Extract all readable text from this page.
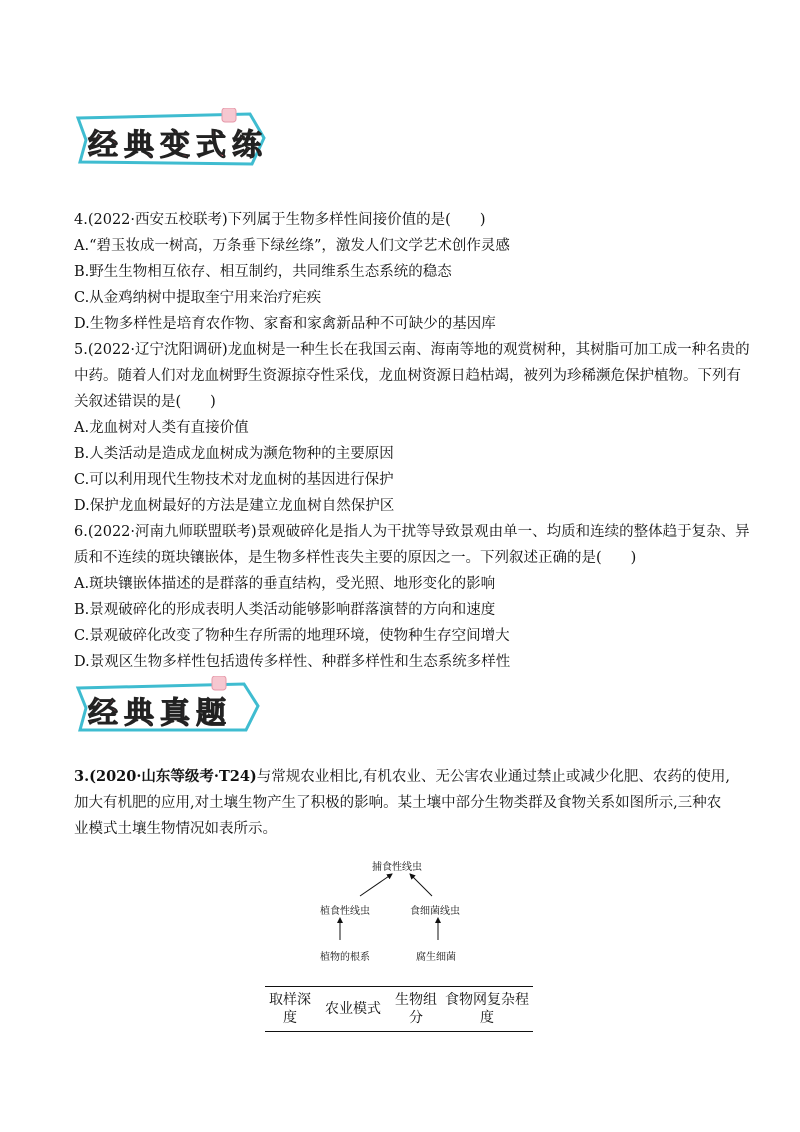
经典变式练
4.(2022·西安五校联考)下列属于生物多样性间接价值的是(　　)
A.“碧玉妆成一树高，万条垂下绿丝绦”，激发人们文学艺术创作灵感
B.野生生物相互依存、相互制约，共同维系生态系统的稳态
C.从金鸡纳树中提取奎宁用来治疗疟疾
D.生物多样性是培育农作物、家畜和家禽新品种不可缺少的基因库
5.(2022·辽宁沈阳调研)龙血树是一种生长在我国云南、海南等地的观赏树种，其树脂可加工成一种名贵的
中药。随着人们对龙血树野生资源掠夺性采伐，龙血树资源日趋枯竭，被列为珍稀濒危保护植物。下列有
关叙述错误的是(　　)
A.龙血树对人类有直接价值
B.人类活动是造成龙血树成为濒危物种的主要原因
C.可以利用现代生物技术对龙血树的基因进行保护
D.保护龙血树最好的方法是建立龙血树自然保护区
6.(2022·河南九师联盟联考)景观破碎化是指人为干扰等导致景观由单一、均质和连续的整体趋于复杂、异
质和不连续的斑块镶嵌体，是生物多样性丧失主要的原因之一。下列叙述正确的是(　　)
A.斑块镶嵌体描述的是群落的垂直结构，受光照、地形变化的影响
B.景观破碎化的形成表明人类活动能够影响群落演替的方向和速度
C.景观破碎化改变了物种生存所需的地理环境，使物种生存空间增大
D.景观区生物多样性包括遗传多样性、种群多样性和生态系统多样性
经典真题
3.(2020·山东等级考·T24)与常规农业相比,有机农业、无公害农业通过禁止或减少化肥、农药的使用,加大有机肥的应用,对土壤生物产生了积极的影响。某土壤中部分生物类群及食物关系如图所示,三种农业模式土壤生物情况如表所示。
捕食性线虫
植食性线虫	食细菌线虫
植物的根系	腐生细菌
取样深
度	农业模式	生物组
分	食物网复杂程
度
